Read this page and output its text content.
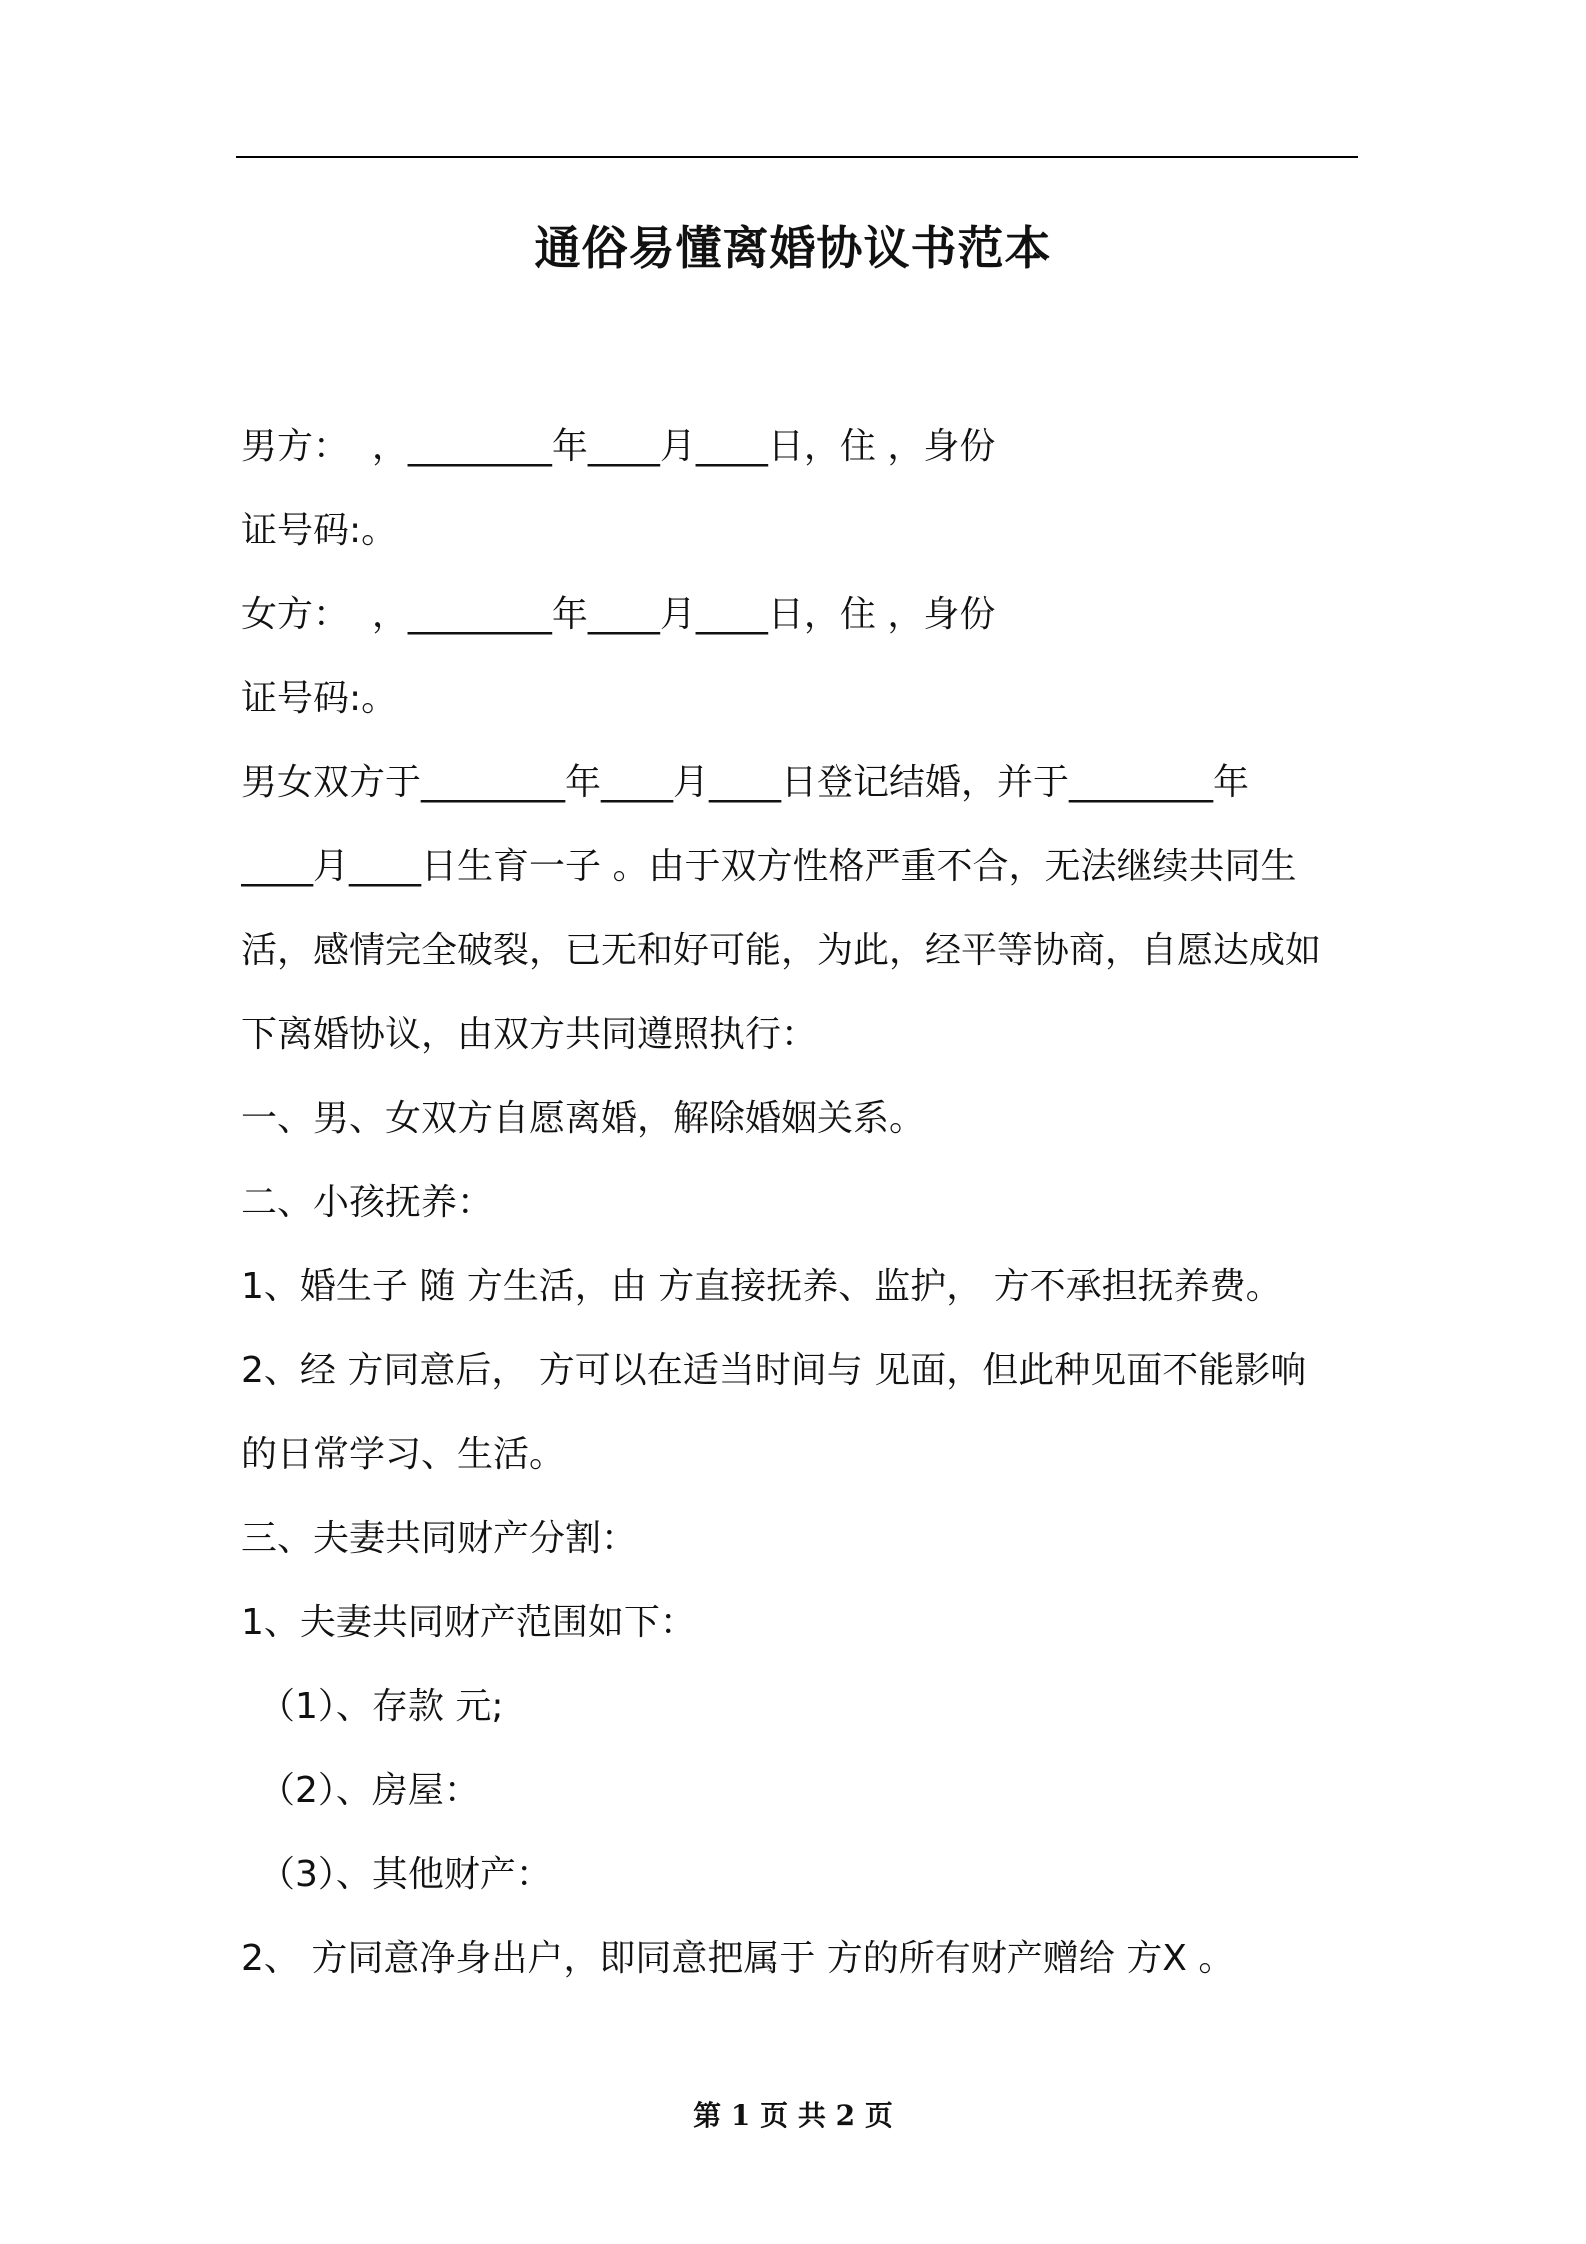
通俗易懂离婚协议书范本
男方：  ，________年____月____日，住 ，身份
证号码:。
女方：  ，________年____月____日，住 ，身份
证号码:。
男女双方于________年____月____日登记结婚，并于________年
____月____日生育一子 。由于双方性格严重不合，无法继续共同生
活，感情完全破裂，已无和好可能，为此，经平等协商，自愿达成如
下离婚协议，由双方共同遵照执行：
一、男、女双方自愿离婚，解除婚姻关系。
二、小孩抚养：
1、婚生子 随 方生活，由 方直接抚养、监护， 方不承担抚养费。
2、经 方同意后， 方可以在适当时间与 见面，但此种见面不能影响
的日常学习、生活。
三、夫妻共同财产分割：
1、夫妻共同财产范围如下：
（1）、存款 元;
（2）、房屋：
（3）、其他财产：
2、 方同意净身出户，即同意把属于 方的所有财产赠给 方Ⅹ 。
第 1 页 共 2 页
